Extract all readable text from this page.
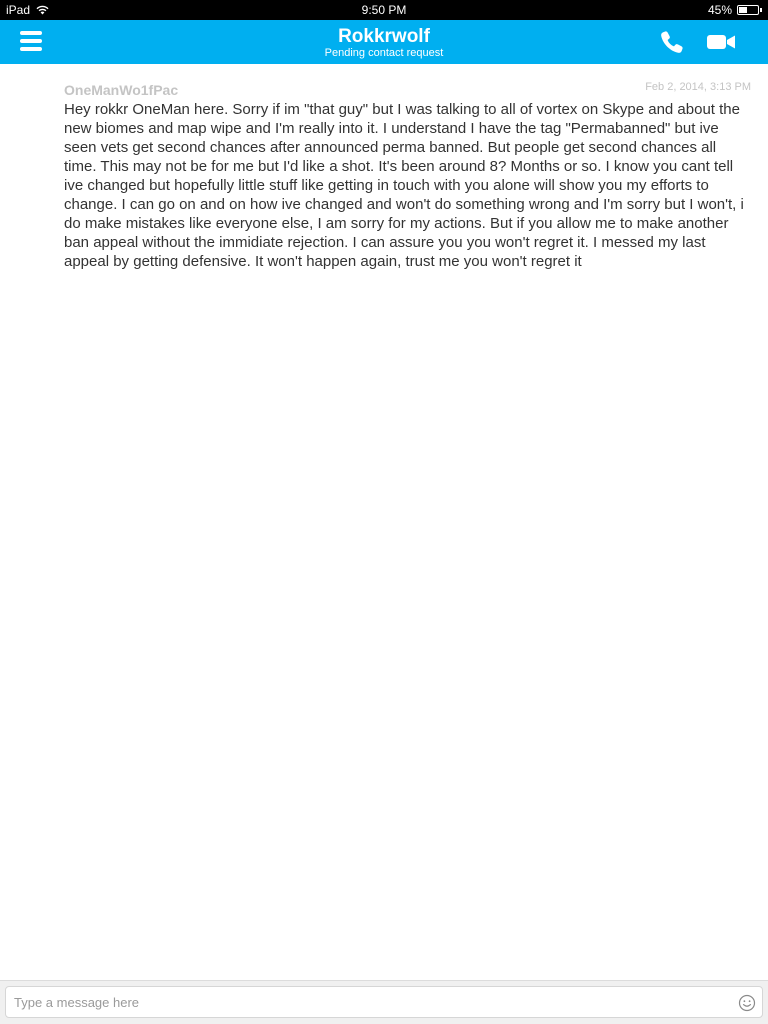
iPad	9:50 PM	45%
Rokkrwolf
Pending contact request
OneManWo1fPac	Feb 2, 2014, 3:13 PM
Hey rokkr OneMan here. Sorry if im "that guy" but I was talking to all of vortex on Skype and about the new biomes and map wipe and I'm really into it. I understand I have the tag "Permabanned" but ive seen vets get second chances after announced perma banned. But people get second chances all time. This may not be for me but I'd like a shot. It's been around 8? Months or so. I know you cant tell ive changed but hopefully little stuff like getting in touch with you alone will show you my efforts to change. I can go on and on how ive changed and won't do something wrong and I'm sorry but I won't, i do make mistakes like everyone else, I am sorry for my actions. But if you allow me to make another ban appeal without the immidiate rejection. I can assure you you won't regret it. I messed my last appeal by getting defensive. It won't happen again, trust me you won't regret it
Type a message here
